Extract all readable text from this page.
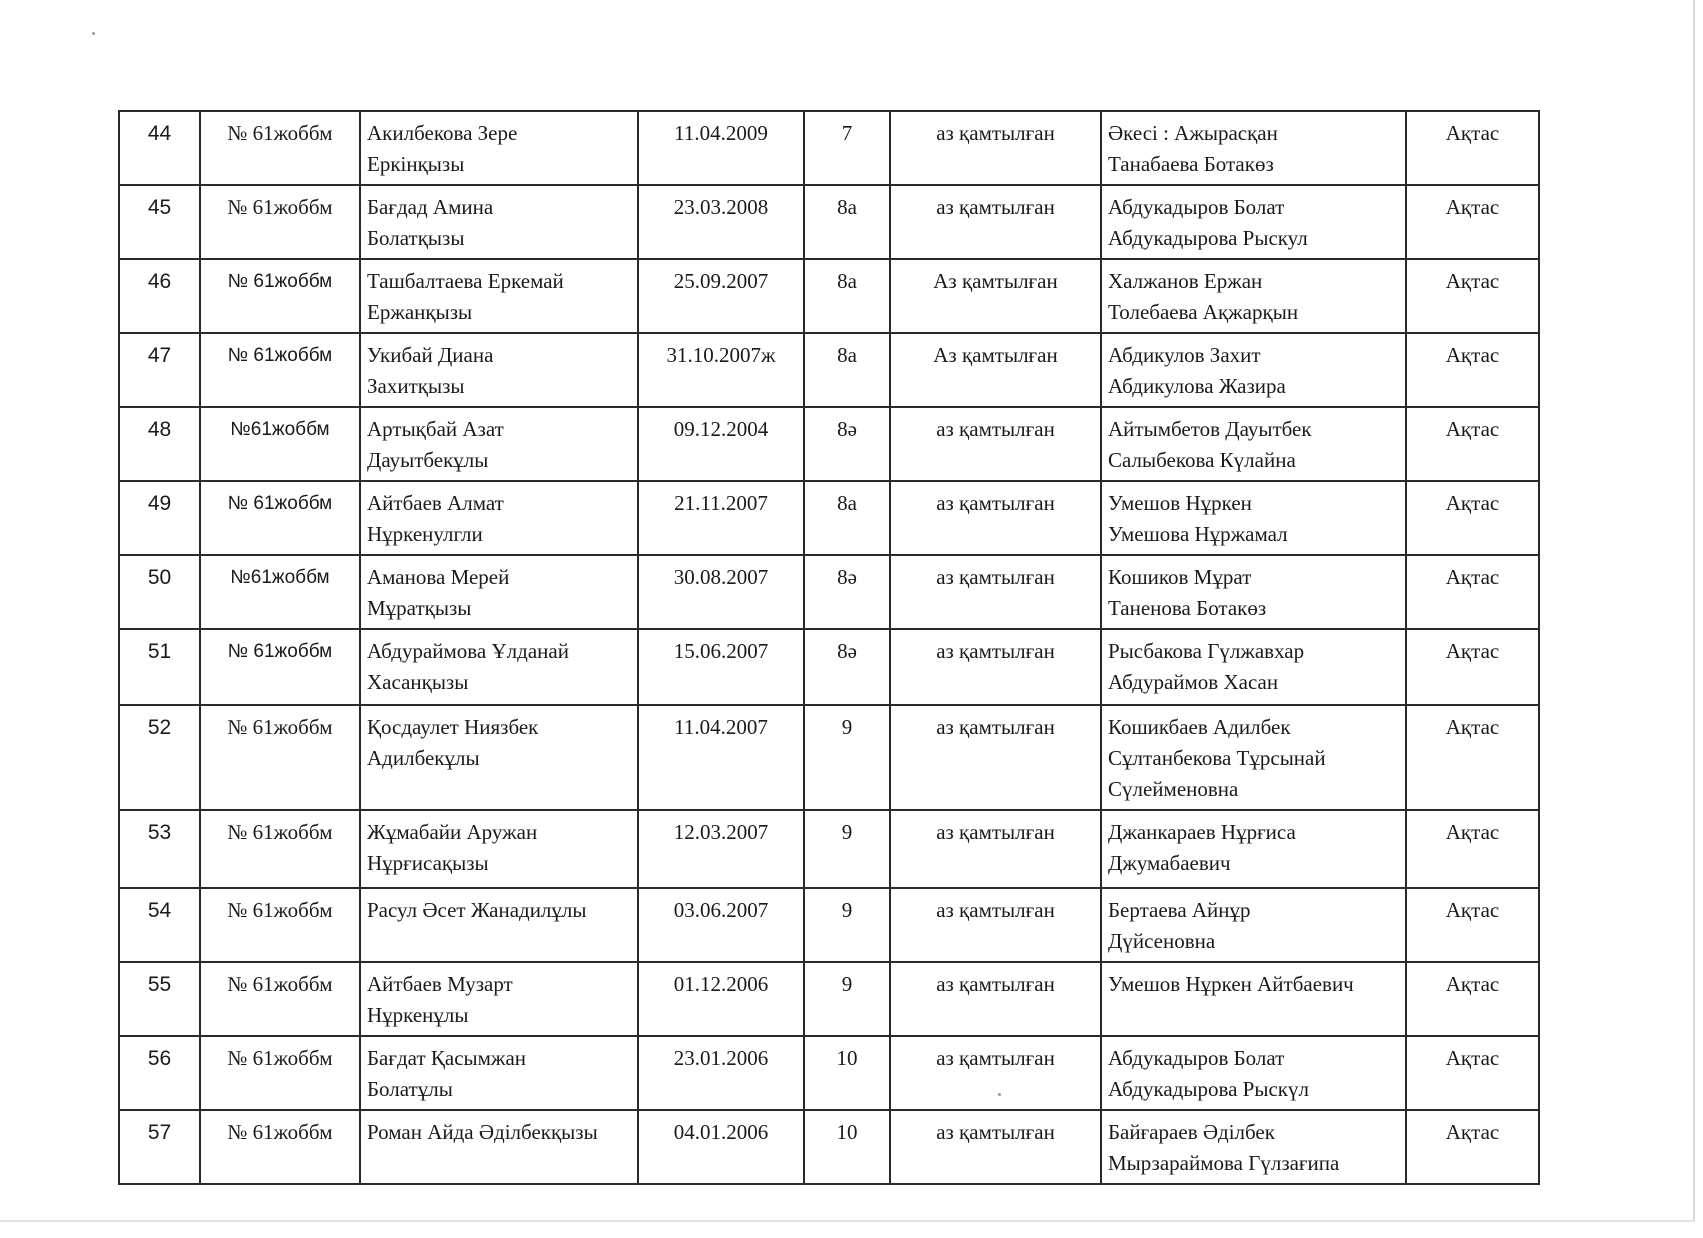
44	№ 61жоббм	Акилбекова Зере
Еркінқызы	11.04.2009	7	аз қамтылған	Әкесі : Ажырасқан
Танабаева Ботакөз	Ақтас
45	№ 61жоббм	Бағдад Амина
Болатқызы	23.03.2008	8а	аз қамтылған	Абдукадыров Болат
Абдукадырова Рыскул	Ақтас
46	№ 61жоббм	Ташбалтаева Еркемай
Ержанқызы	25.09.2007	8а	Аз қамтылған	Халжанов Ержан
Толебаева Ақжарқын	Ақтас
47	№ 61жоббм	Укибай Диана
Захитқызы	31.10.2007ж	8а	Аз қамтылған	Абдикулов Захит
Абдикулова Жазира	Ақтас
48	№61жоббм	Артықбай Азат
Дауытбекұлы	09.12.2004	8ә	аз қамтылған	Айтымбетов Дауытбек
Салыбекова Күлайна	Ақтас
49	№ 61жоббм	Айтбаев Алмат
Нұркенулгли	21.11.2007	8а	аз қамтылған	Умешов Нұркен
Умешова Нұржамал	Ақтас
50	№61жоббм	Аманова Мерей
Мұратқызы	30.08.2007	8ә	аз қамтылған	Кошиков Мұрат
Таненова Ботакөз	Ақтас
51	№ 61жоббм	Абдураймова Ұлданай
Хасанқызы	15.06.2007	8ә	аз қамтылған	Рысбакова Гүлжавхар
Абдураймов Хасан	Ақтас
52	№ 61жоббм	Қосдаулет Ниязбек
Адилбекұлы	11.04.2007	9	аз қамтылған	Кошикбаев Адилбек
Сұлтанбекова Тұрсынай
Сүлейменовна	Ақтас
53	№ 61жоббм	Жұмабайи Аружан
Нұрғисақызы	12.03.2007	9	аз қамтылған	Джанкараев Нұрғиса
Джумабаевич	Ақтас
54	№ 61жоббм	Расул Әсет Жанадилұлы	03.06.2007	9	аз қамтылған	Бертаева Айнұр
Дүйсеновна	Ақтас
55	№ 61жоббм	Айтбаев Музарт
Нұркенұлы	01.12.2006	9	аз қамтылған	Умешов Нұркен Айтбаевич	Ақтас
56	№ 61жоббм	Бағдат Қасымжан
Болатұлы	23.01.2006	10	аз қамтылған	Абдукадыров Болат
Абдукадырова Рыскүл	Ақтас
57	№ 61жоббм	Роман Айда Әділбекқызы	04.01.2006	10	аз қамтылған	Байғараев Әділбек
Мырзараймова Гүлзағипа	Ақтас
